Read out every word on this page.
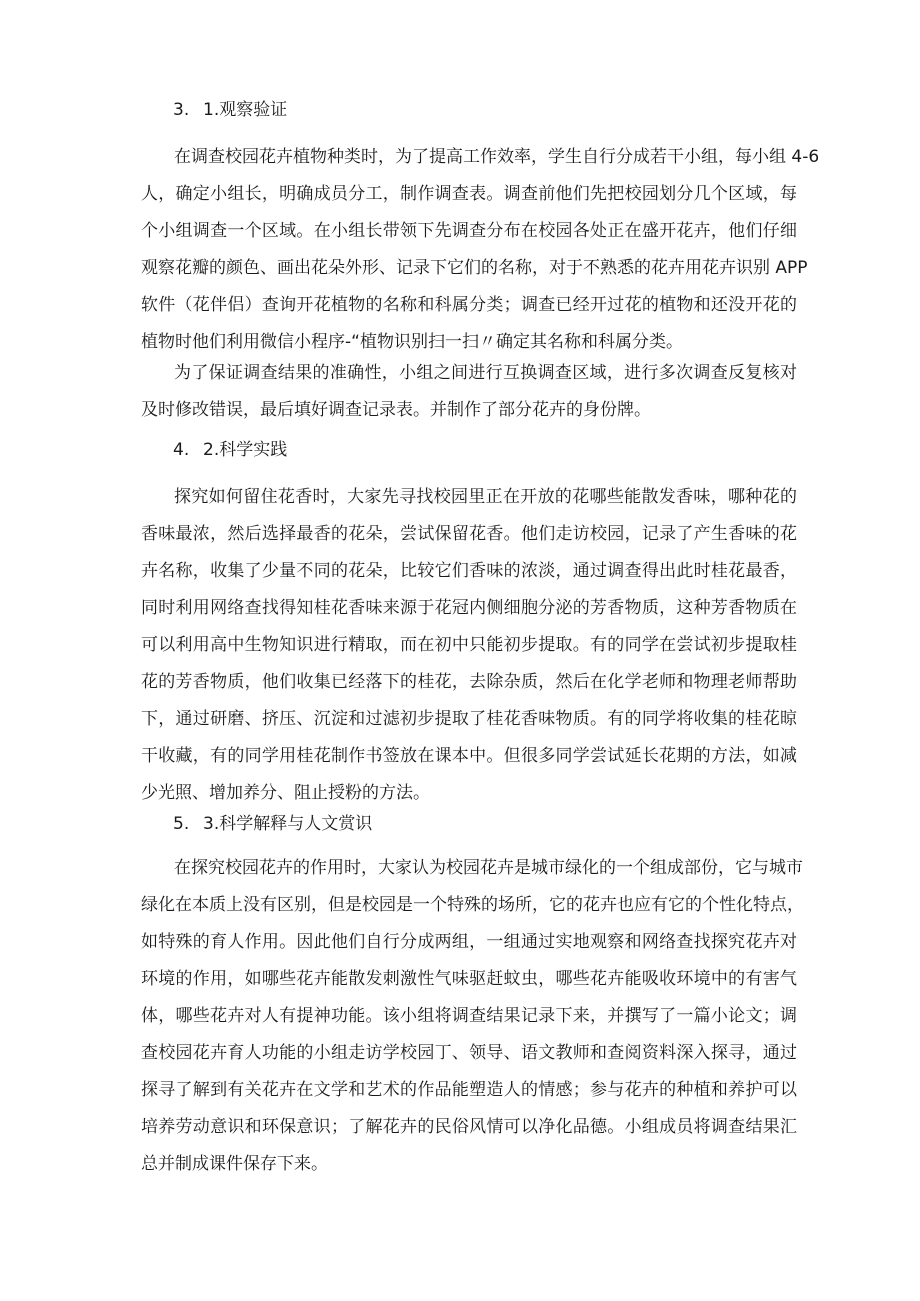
3. 1.观察验证
在调查校园花卉植物种类时，为了提高工作效率，学生自行分成若干小组，每小组 4-6
人，确定小组长，明确成员分工，制作调查表。调查前他们先把校园划分几个区域，每
个小组调查一个区域。在小组长带领下先调查分布在校园各处正在盛开花卉，他们仔细
观察花瓣的颜色、画出花朵外形、记录下它们的名称，对于不熟悉的花卉用花卉识别 APP
软件（花伴侣）查询开花植物的名称和科属分类；调查已经开过花的植物和还没开花的
植物时他们利用微信小程序-“植物识别扫一扫〃确定其名称和科属分类。
为了保证调查结果的准确性，小组之间进行互换调查区域，进行多次调查反复核对
及时修改错误，最后填好调查记录表。并制作了部分花卉的身份牌。
4. 2.科学实践
探究如何留住花香时，大家先寻找校园里正在开放的花哪些能散发香味，哪种花的
香味最浓，然后选择最香的花朵，尝试保留花香。他们走访校园，记录了产生香味的花
卉名称，收集了少量不同的花朵，比较它们香味的浓淡，通过调查得出此时桂花最香，
同时利用网络查找得知桂花香味来源于花冠内侧细胞分泌的芳香物质，这种芳香物质在
可以利用高中生物知识进行精取，而在初中只能初步提取。有的同学在尝试初步提取桂
花的芳香物质，他们收集已经落下的桂花，去除杂质，然后在化学老师和物理老师帮助
下，通过研磨、挤压、沉淀和过滤初步提取了桂花香味物质。有的同学将收集的桂花晾
干收藏，有的同学用桂花制作书签放在课本中。但很多同学尝试延长花期的方法，如减
少光照、增加养分、阻止授粉的方法。
5. 3.科学解释与人文赏识
在探究校园花卉的作用时，大家认为校园花卉是城市绿化的一个组成部份，它与城市
绿化在本质上没有区别，但是校园是一个特殊的场所，它的花卉也应有它的个性化特点，
如特殊的育人作用。因此他们自行分成两组，一组通过实地观察和网络查找探究花卉对
环境的作用，如哪些花卉能散发刺激性气味驱赶蚊虫，哪些花卉能吸收环境中的有害气
体，哪些花卉对人有提神功能。该小组将调查结果记录下来，并撰写了一篇小论文；调
查校园花卉育人功能的小组走访学校园丁、领导、语文教师和查阅资料深入探寻，通过
探寻了解到有关花卉在文学和艺术的作品能塑造人的情感；参与花卉的种植和养护可以
培养劳动意识和环保意识；了解花卉的民俗风情可以净化品德。小组成员将调查结果汇
总并制成课件保存下来。
